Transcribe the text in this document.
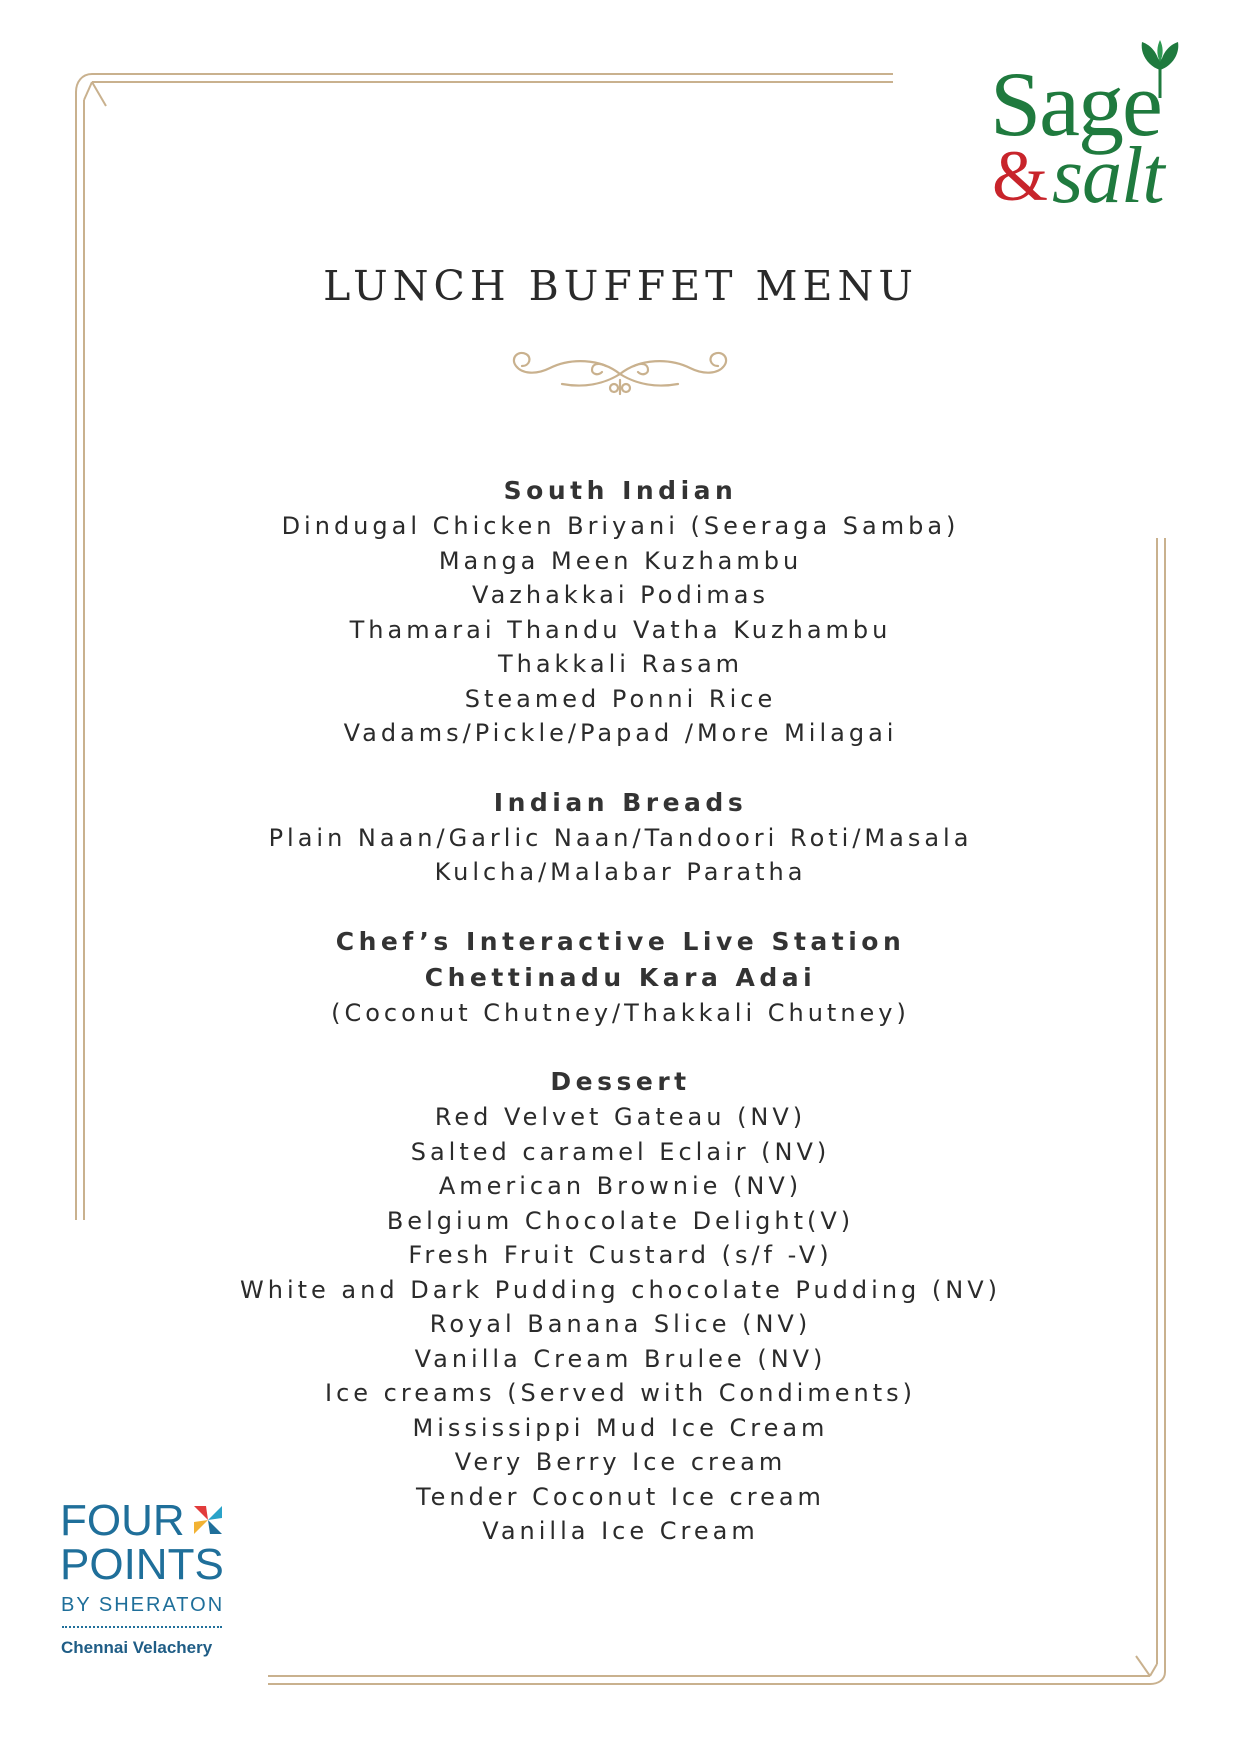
Sage
& salt
LUNCH BUFFET MENU
South Indian
Dindugal Chicken Briyani (Seeraga Samba)
Manga Meen Kuzhambu
Vazhakkai Podimas
Thamarai Thandu Vatha Kuzhambu
Thakkali Rasam
Steamed Ponni Rice
Vadams/Pickle/Papad /More Milagai
Indian Breads
Plain Naan/Garlic Naan/Tandoori Roti/Masala
Kulcha/Malabar Paratha
Chef’s Interactive Live Station
Chettinadu Kara Adai
(Coconut Chutney/Thakkali Chutney)
Dessert
Red Velvet Gateau (NV)
Salted caramel Eclair (NV)
American Brownie (NV)
Belgium Chocolate Delight(V)
Fresh Fruit Custard (s/f -V)
White and Dark Pudding chocolate Pudding (NV)
Royal Banana Slice (NV)
Vanilla Cream Brulee (NV)
Ice creams (Served with Condiments)
Mississippi Mud Ice Cream
Very Berry Ice cream
Tender Coconut Ice cream
Vanilla Ice Cream
FOUR
POINTS
BY SHERATON
Chennai Velachery
